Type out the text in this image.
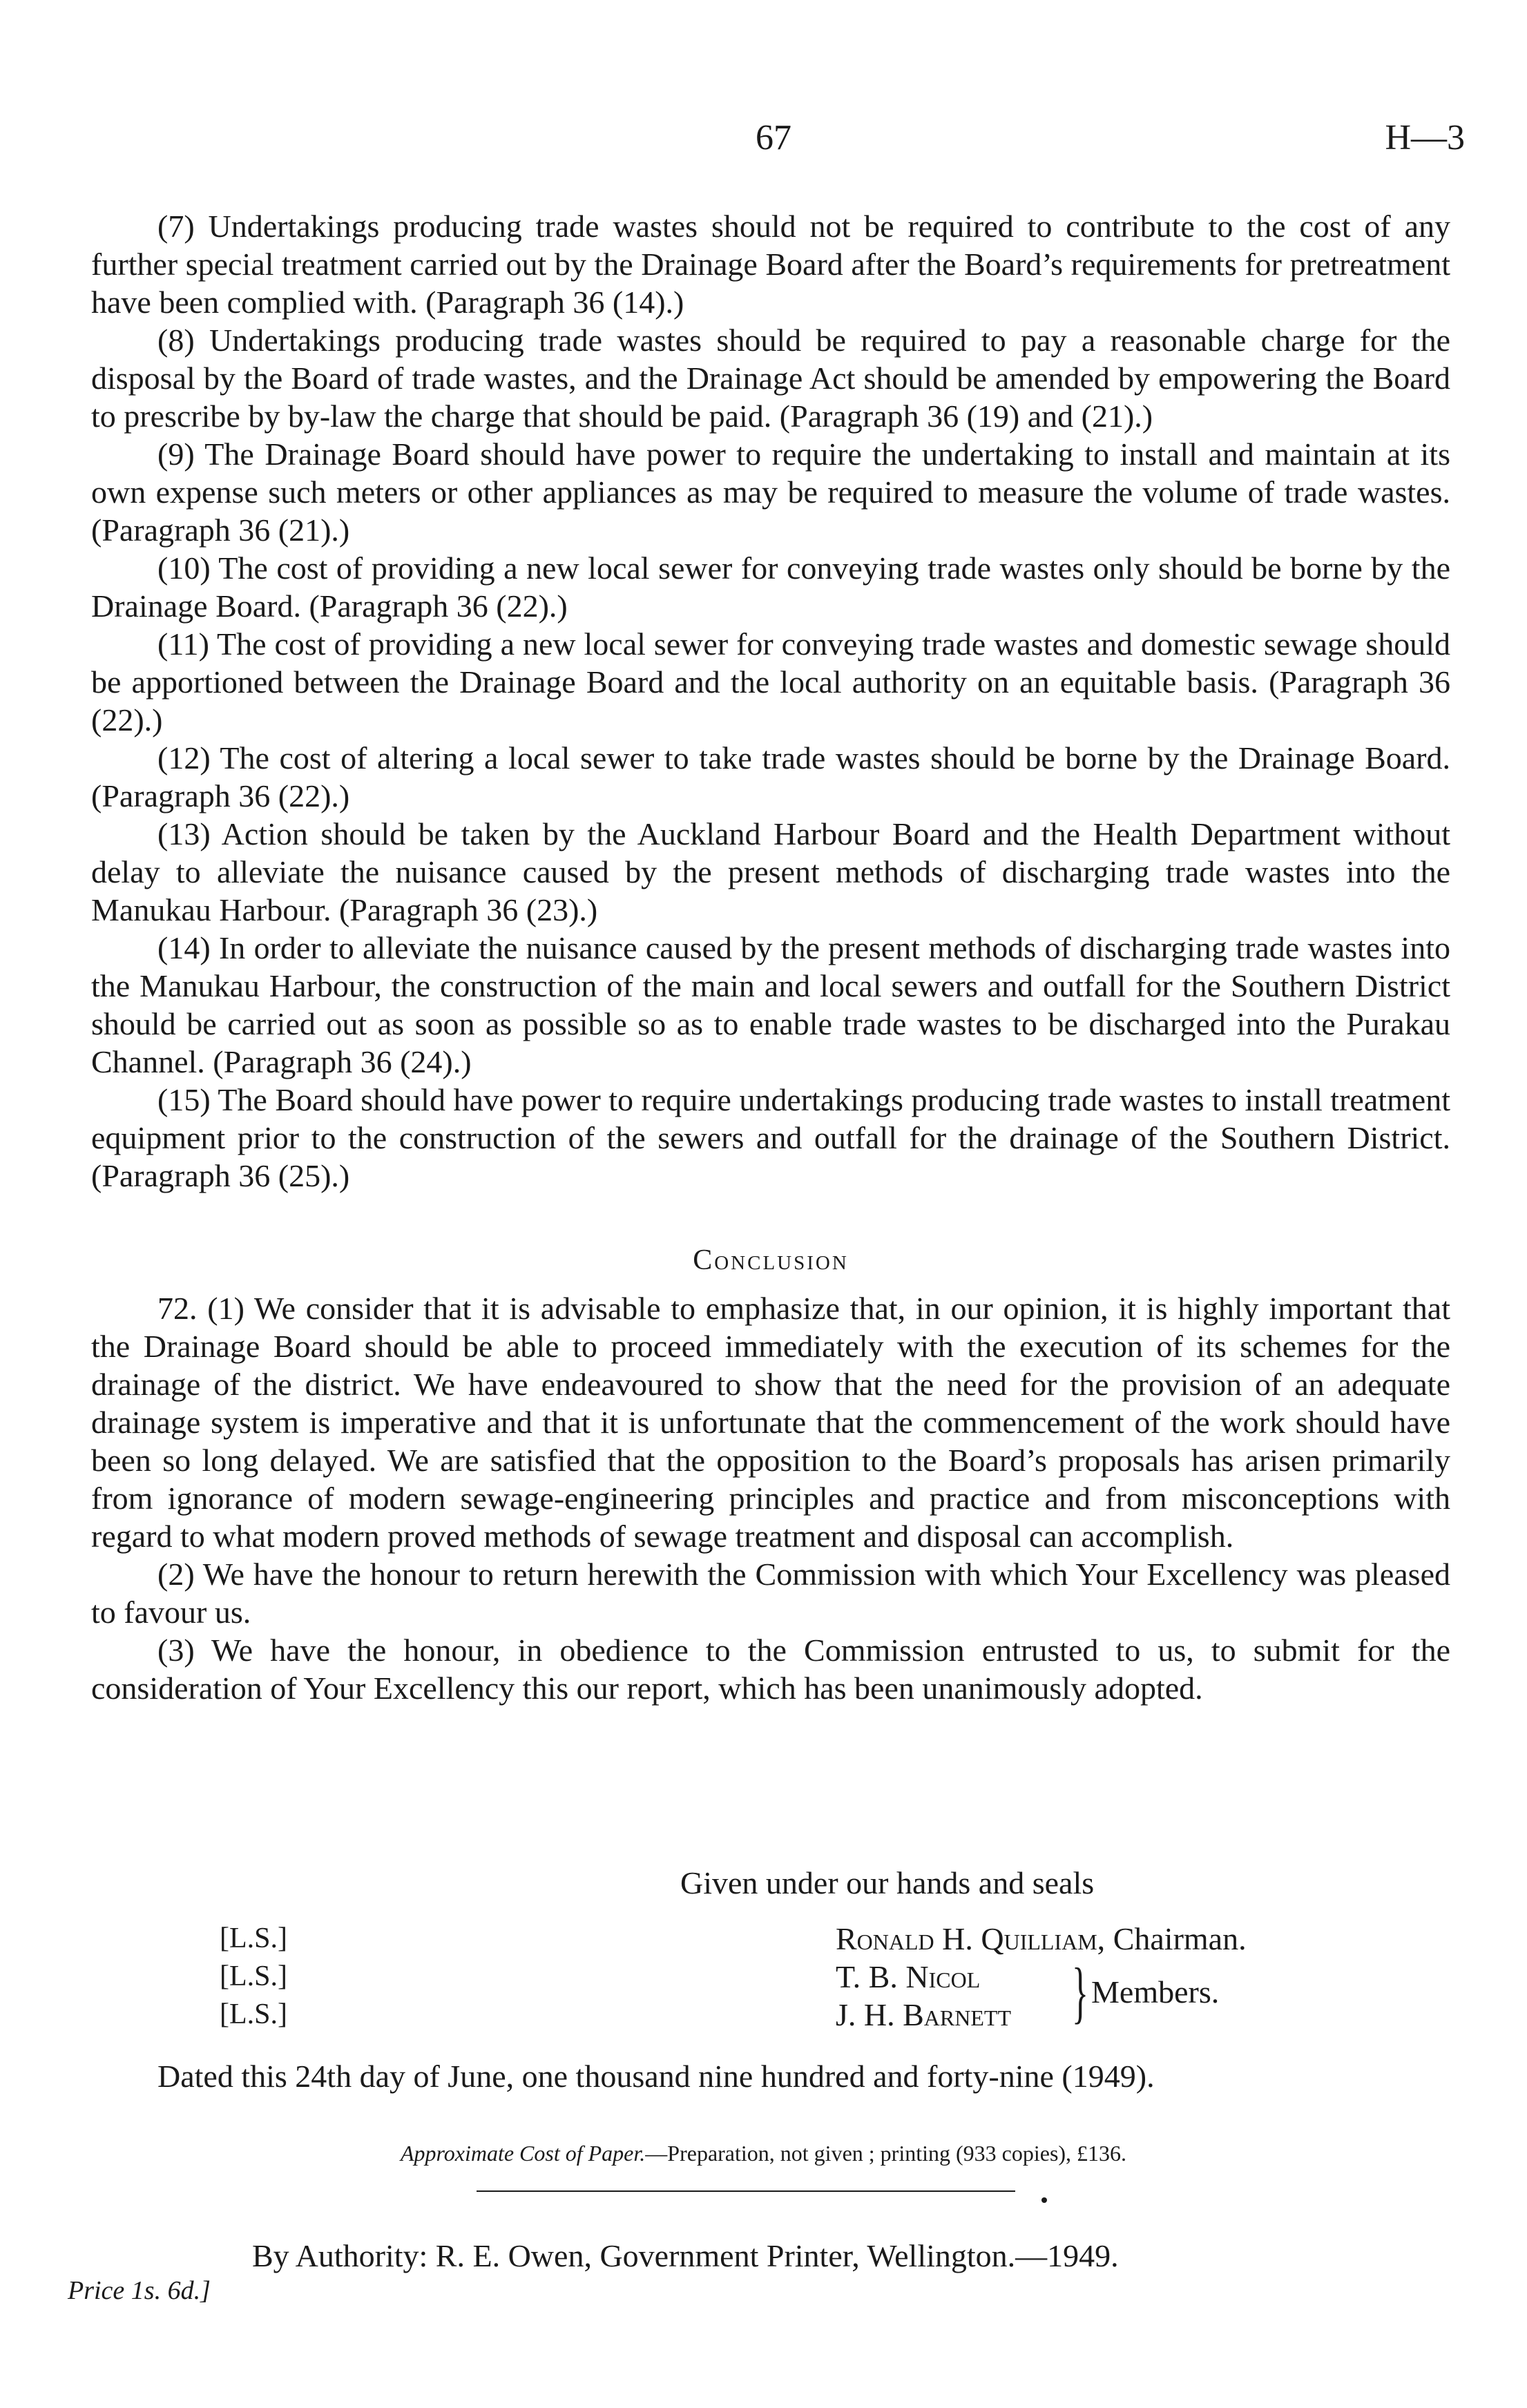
67	H—3

(7) Undertakings producing trade wastes should not be required to contribute to the cost of any further special treatment carried out by the Drainage Board after the Board’s requirements for pretreatment have been complied with. (Paragraph 36 (14).)

(8) Undertakings producing trade wastes should be required to pay a reasonable charge for the disposal by the Board of trade wastes, and the Drainage Act should be amended by empowering the Board to prescribe by by-law the charge that should be paid. (Paragraph 36 (19) and (21).)

(9) The Drainage Board should have power to require the undertaking to install and maintain at its own expense such meters or other appliances as may be required to measure the volume of trade wastes. (Paragraph 36 (21).)

(10) The cost of providing a new local sewer for conveying trade wastes only should be borne by the Drainage Board. (Paragraph 36 (22).)

(11) The cost of providing a new local sewer for conveying trade wastes and domestic sewage should be apportioned between the Drainage Board and the local authority on an equitable basis. (Paragraph 36 (22).)

(12) The cost of altering a local sewer to take trade wastes should be borne by the Drainage Board. (Paragraph 36 (22).)

(13) Action should be taken by the Auckland Harbour Board and the Health Department without delay to alleviate the nuisance caused by the present methods of discharging trade wastes into the Manukau Harbour. (Paragraph 36 (23).)

(14) In order to alleviate the nuisance caused by the present methods of discharging trade wastes into the Manukau Harbour, the construction of the main and local sewers and outfall for the Southern District should be carried out as soon as possible so as to enable trade wastes to be discharged into the Purakau Channel. (Paragraph 36 (24).)

(15) The Board should have power to require undertakings producing trade wastes to install treatment equipment prior to the construction of the sewers and outfall for the drainage of the Southern District. (Paragraph 36 (25).)

Conclusion

72. (1) We consider that it is advisable to emphasize that, in our opinion, it is highly important that the Drainage Board should be able to proceed immediately with the execution of its schemes for the drainage of the district. We have endeavoured to show that the need for the provision of an adequate drainage system is imperative and that it is unfortunate that the commencement of the work should have been so long delayed. We are satisfied that the opposition to the Board’s proposals has arisen primarily from ignorance of modern sewage-engineering principles and practice and from misconceptions with regard to what modern proved methods of sewage treatment and disposal can accomplish.

(2) We have the honour to return herewith the Commission with which Your Excellency was pleased to favour us.

(3) We have the honour, in obedience to the Commission entrusted to us, to submit for the consideration of Your Excellency this our report, which has been unanimously adopted.

Given under our hands and seals
[L.S.]
[L.S.]
[L.S.]
Ronald H. Quilliam, Chairman.
T. B. Nicol
J. H. Barnett } Members.
Dated this 24th day of June, one thousand nine hundred and forty-nine (1949).
Approximate Cost of Paper.—Preparation, not given ; printing (933 copies), £136.
By Authority: R. E. Owen, Government Printer, Wellington.—1949.
Price 1s. 6d.]
